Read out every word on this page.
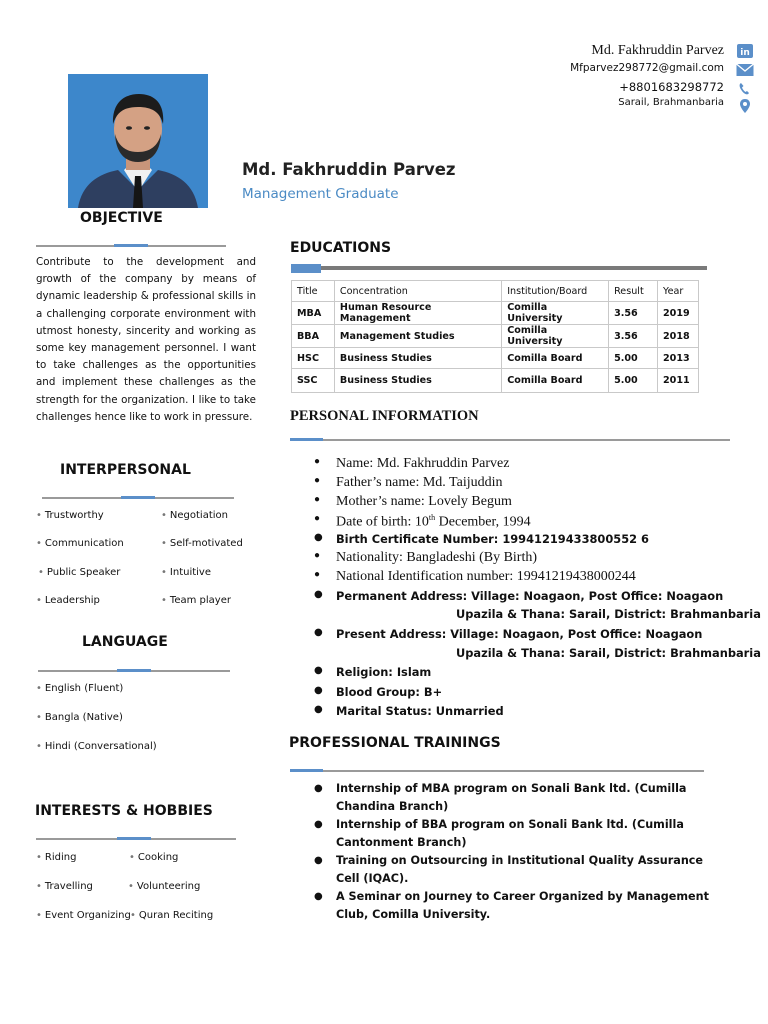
Md. Fakhruddin Parvez
Mfparvez298772@gmail.com
+8801683298772
Sarail, Brahmanbaria
in
Md. Fakhruddin Parvez
Management Graduate
OBJECTIVE
Contribute to the development and growth of the company by means of dynamic leadership & professional skills in a challenging corporate environment with utmost honesty, sincerity and working as some key management personnel. I want to take challenges as the opportunities and implement these challenges as the strength for the organization. I like to take challenges hence like to work in pressure.
INTERPERSONAL
• Trustworthy	• Negotiation
• Communication	• Self-motivated
• Public Speaker	• Intuitive
• Leadership	• Team player
LANGUAGE
• English (Fluent)
• Bangla (Native)
• Hindi (Conversational)
INTERESTS & HOBBIES
• Riding	• Cooking
• Travelling	• Volunteering
• Event Organizing • Quran Reciting
EDUCATIONS
Title	Concentration	Institution/Board	Result	Year
MBA	Human Resource Management	Comilla University	3.56	2019
BBA	Management Studies	Comilla University	3.56	2018
HSC	Business Studies	Comilla Board	5.00	2013
SSC	Business Studies	Comilla Board	5.00	2011
PERSONAL INFORMATION
● Name: Md. Fakhruddin Parvez
● Father’s name: Md. Taijuddin
● Mother’s name: Lovely Begum
● Date of birth: 10th December, 1994
● Birth Certificate Number: 19941219433800552 6
● Nationality: Bangladeshi (By Birth)
● National Identification number: 19941219438000244
● Permanent Address: Village: Noagaon, Post Office: Noagaon
Upazila & Thana: Sarail, District: Brahmanbaria
● Present Address: Village: Noagaon, Post Office: Noagaon
Upazila & Thana: Sarail, District: Brahmanbaria
● Religion: Islam
● Blood Group: B+
● Marital Status: Unmarried
PROFESSIONAL TRAININGS
● Internship of MBA program on Sonali Bank ltd. (Cumilla Chandina Branch)
● Internship of BBA program on Sonali Bank ltd. (Cumilla Cantonment Branch)
● Training on Outsourcing in Institutional Quality Assurance Cell (IQAC).
● A Seminar on Journey to Career Organized by Management Club, Comilla University.
